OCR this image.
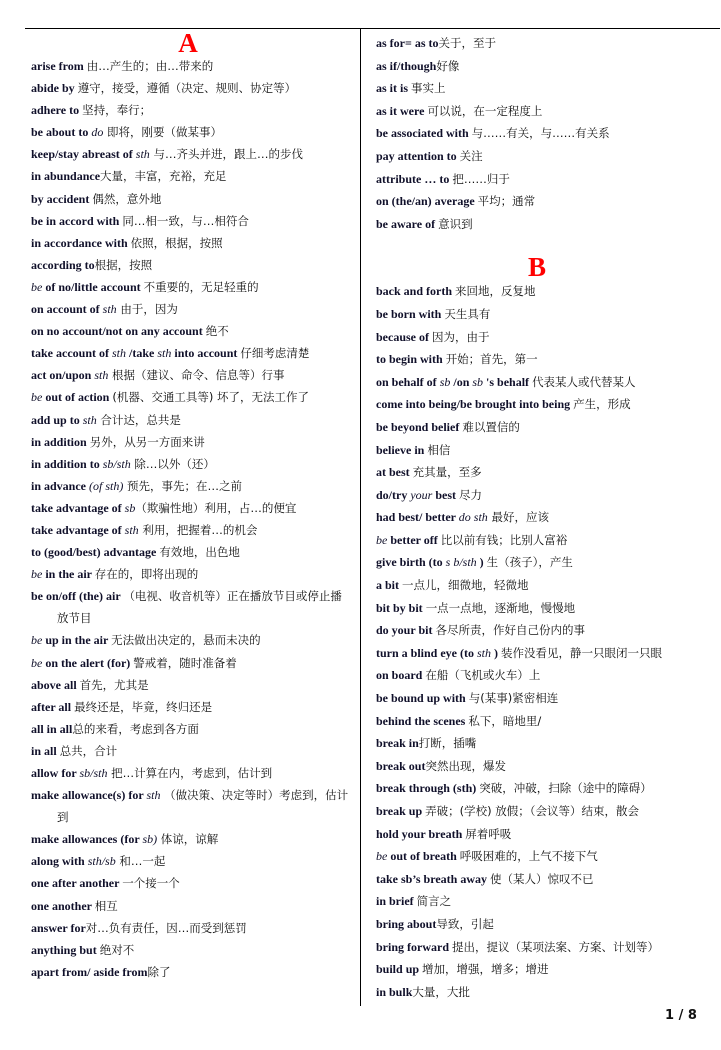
A
arise from 由…产生的；由…带来的
abide by 遵守，接受，遵循（决定、规则、协定等）
adhere to 坚持，奉行；
be about to do 即将，刚要（做某事）
keep/stay abreast of sth 与…齐头并进，跟上…的步伐
in abundance大量，丰富，充裕，充足
by accident 偶然，意外地
be in accord with 同…相一致，与…相符合
in accordance with 依照，根据，按照
according to根据，按照
be of no/little account 不重要的，无足轻重的
on account of sth 由于，因为
on no account/not on any account 绝不
take account of sth /take sth into account 仔细考虑清楚
act on/upon sth 根据（建议、命令、信息等）行事
be out of action (机器、交通工具等) 坏了，无法工作了
add up to sth 合计达，总共是
in addition 另外，从另一方面来讲
in addition to sb/sth 除…以外（还）
in advance (of sth) 预先，事先；在…之前
take advantage of sb（欺骗性地）利用，占…的便宜
take advantage of sth 利用，把握着…的机会
to (good/best) advantage 有效地，出色地
be in the air 存在的，即将出现的
be on/off (the) air （电视、收音机等）正在播放节目或停止播放节目
be up in the air 无法做出决定的，悬而未决的
be on the alert (for) 警戒着，随时准备着
above all 首先，尤其是
after all 最终还是，毕竟，终归还是
all in all总的来看，考虑到各方面
in all 总共，合计
allow for sb/sth 把…计算在内，考虑到，估计到
make allowance(s) for sth （做决策、决定等时）考虑到，估计到
make allowances (for sb) 体谅，谅解
along with sth/sb 和…一起
one after another 一个接一个
one another 相互
answer for对…负有责任，因…而受到惩罚
anything but 绝对不
apart from/ aside from除了
as for= as to关于，至于
as if/though好像
as it is 事实上
as it were 可以说，在一定程度上
be associated with 与……有关，与……有关系
pay attention to 关注
attribute … to 把……归于
on (the/an) average 平均；通常
be aware of 意识到
B
back and forth 来回地，反复地
be born with 天生具有
because of 因为，由于
to begin with 开始；首先，第一
on behalf of sb /on sb 's behalf 代表某人或代替某人
come into being/be brought into being 产生，形成
be beyond belief 难以置信的
believe in 相信
at best 充其量，至多
do/try your best 尽力
had best/ better do sth 最好，应该
be better off 比以前有钱；比别人富裕
give birth (to s b/sth ) 生（孩子），产生
a bit 一点儿，细微地，轻微地
bit by bit 一点一点地，逐渐地，慢慢地
do your bit 各尽所责，作好自己份内的事
turn a blind eye (to sth ) 装作没看见，静一只眼闭一只眼
on board 在船（飞机或火车）上
be bound up with 与(某事)紧密相连
behind the scenes 私下，暗地里/
break in打断，插嘴
break out突然出现，爆发
break through (sth) 突破，冲破，扫除（途中的障碍）
break up 弄破；(学校) 放假；（会议等）结束，散会
hold your breath 屏着呼吸
be out of breath 呼吸困难的，上气不接下气
take sb’s breath away 使（某人）惊叹不已
in brief 简言之
bring about导致，引起
bring forward 提出，提议（某项法案、方案、计划等）
build up 增加，增强，增多；增进
in bulk大量，大批
1 / 8
